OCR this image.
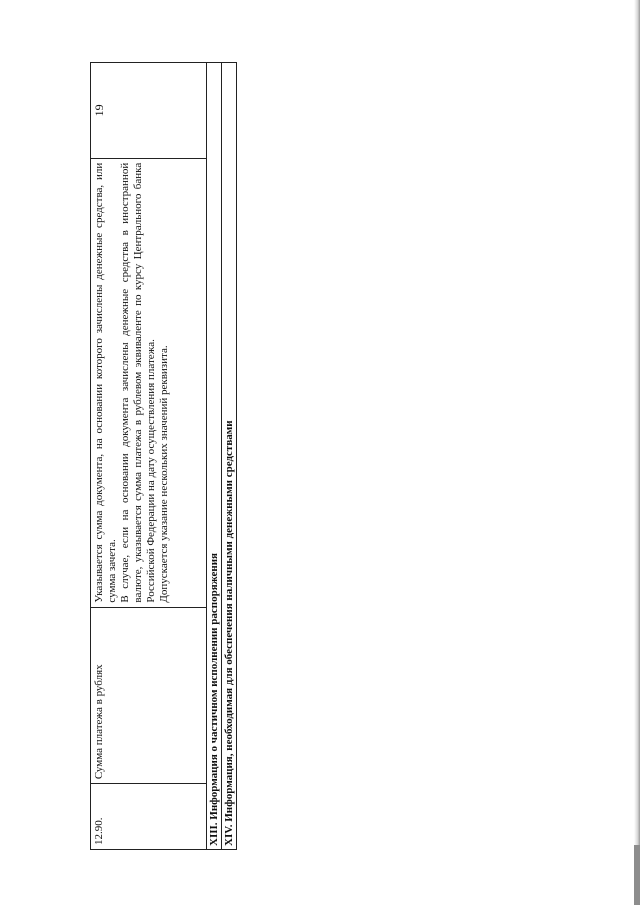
12.90.
Сумма платежа в рублях

Указывается сумма документа, на основании которого зачислены денежные средства, или сумма зачета. В случае, если на основании документа зачислены денежные средства в иностранной валюте, указывается сумма платежа в рублевом эквиваленте по курсу Центрального банка Российской Федерации на дату осуществления платежа. Допускается указание нескольких значений реквизита.

19
XIII. Информация о частичном исполнении распоряжения XIV. Информация, необходимая для обеспечения наличными денежными средствами
